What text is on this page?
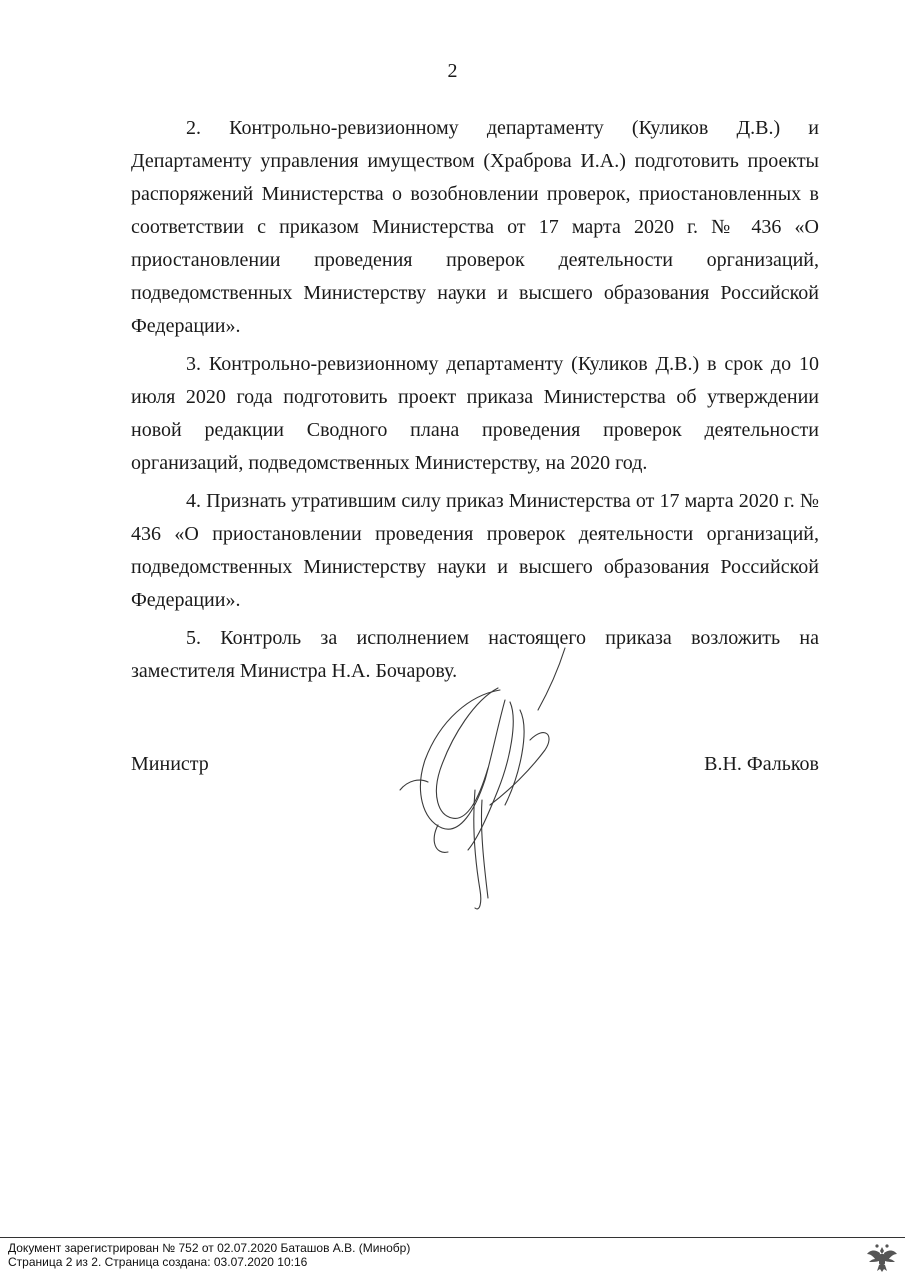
2

2. Контрольно-ревизионному департаменту (Куликов Д.В.) и Департаменту управления имуществом (Храброва И.А.) подготовить проекты распоряжений Министерства о возобновлении проверок, приостановленных в соответствии с приказом Министерства от 17 марта 2020 г. № 436 «О приостановлении проведения проверок деятельности организаций, подведомственных Министерству науки и высшего образования Российской Федерации».

3. Контрольно-ревизионному департаменту (Куликов Д.В.) в срок до 10 июля 2020 года подготовить проект приказа Министерства об утверждении новой редакции Сводного плана проведения проверок деятельности организаций, подведомственных Министерству, на 2020 год.

4. Признать утратившим силу приказ Министерства от 17 марта 2020 г. № 436 «О приостановлении проведения проверок деятельности организаций, подведомственных Министерству науки и высшего образования Российской Федерации».

5. Контроль за исполнением настоящего приказа возложить на заместителя Министра Н.А. Бочарову.

Министр	В.Н. Фальков
Документ зарегистрирован № 752 от 02.07.2020 Баташов А.В. (Минобр)
Страница 2 из 2. Страница создана: 03.07.2020 10:16
